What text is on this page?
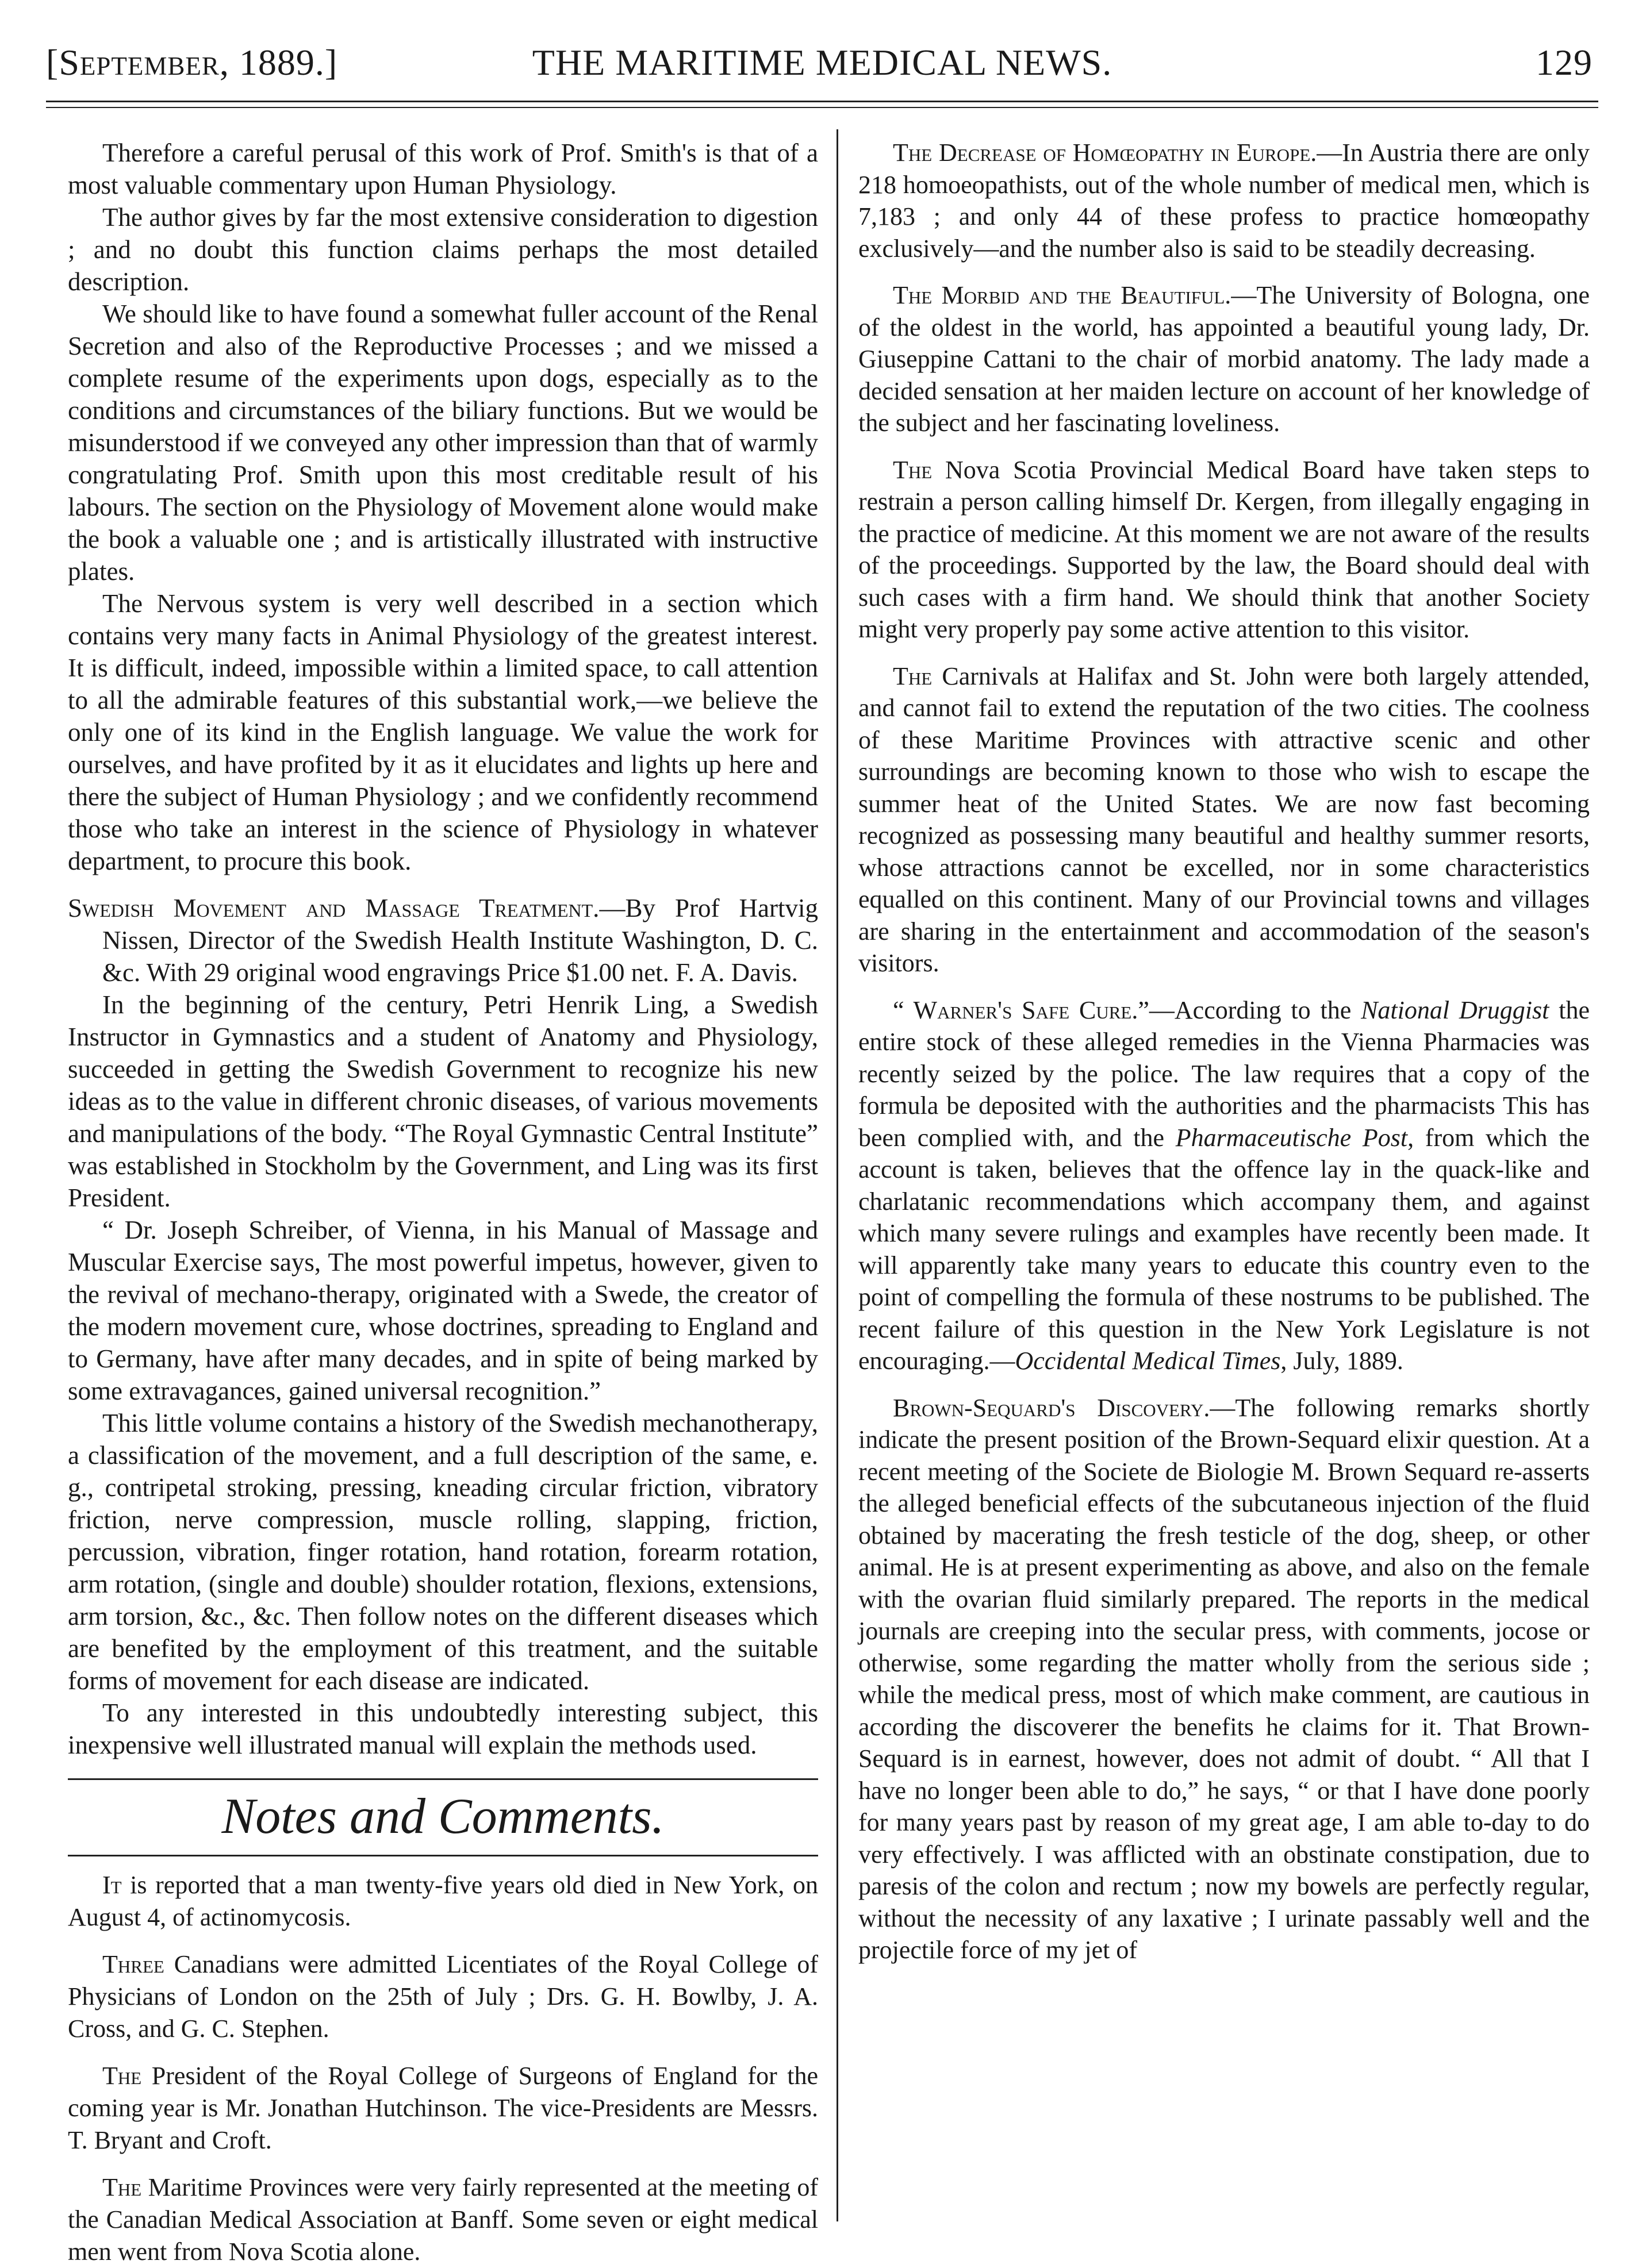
[September, 1889.]	THE MARITIME MEDICAL NEWS.	129

Therefore a careful perusal of this work of Prof. Smith's is that of a most valuable commentary upon Human Physiology.

The author gives by far the most extensive consideration to digestion ; and no doubt this function claims perhaps the most detailed description.

We should like to have found a somewhat fuller account of the Renal Secretion and also of the Reproductive Processes ; and we missed a complete resume of the experiments upon dogs, especially as to the conditions and circumstances of the biliary functions. But we would be misunderstood if we conveyed any other impression than that of warmly congratulating Prof. Smith upon this most creditable result of his labours. The section on the Physiology of Movement alone would make the book a valuable one ; and is artistically illustrated with instructive plates.

The Nervous system is very well described in a section which contains very many facts in Animal Physiology of the greatest interest. It is difficult, indeed, impossible within a limited space, to call attention to all the admirable features of this substantial work,—we believe the only one of its kind in the English language. We value the work for ourselves, and have profited by it as it elucidates and lights up here and there the subject of Human Physiology ; and we confidently recommend those who take an interest in the science of Physiology in whatever department, to procure this book.

Swedish Movement and Massage Treatment.—By Prof Hartvig Nissen, Director of the Swedish Health Institute Washington, D. C. &c. With 29 original wood engravings Price $1.00 net. F. A. Davis.

In the beginning of the century, Petri Henrik Ling, a Swedish Instructor in Gymnastics and a student of Anatomy and Physiology, succeeded in getting the Swedish Government to recognize his new ideas as to the value in different chronic diseases, of various movements and manipulations of the body. “The Royal Gymnastic Central Institute” was established in Stockholm by the Government, and Ling was its first President.

“ Dr. Joseph Schreiber, of Vienna, in his Manual of Massage and Muscular Exercise says, The most powerful impetus, however, given to the revival of mechano-therapy, originated with a Swede, the creator of the modern movement cure, whose doctrines, spreading to England and to Germany, have after many decades, and in spite of being marked by some extravagances, gained universal recognition.”

This little volume contains a history of the Swedish mechanotherapy, a classification of the movement, and a full description of the same, e. g., contripetal stroking, pressing, kneading circular friction, vibratory friction, nerve compression, muscle rolling, slapping, friction, percussion, vibration, finger rotation, hand rotation, forearm rotation, arm rotation, (single and double) shoulder rotation, flexions, extensions, arm torsion, &c., &c. Then follow notes on the different diseases which are benefited by the employment of this treatment, and the suitable forms of movement for each disease are indicated.

To any interested in this undoubtedly interesting subject, this inexpensive well illustrated manual will explain the methods used.

Notes and Comments.

It is reported that a man twenty-five years old died in New York, on August 4, of actinomycosis.

Three Canadians were admitted Licentiates of the Royal College of Physicians of London on the 25th of July ; Drs. G. H. Bowlby, J. A. Cross, and G. C. Stephen.

The President of the Royal College of Surgeons of England for the coming year is Mr. Jonathan Hutchinson. The vice-Presidents are Messrs. T. Bryant and Croft.

The Maritime Provinces were very fairly represented at the meeting of the Canadian Medical Association at Banff. Some seven or eight medical men went from Nova Scotia alone.

The Decrease of Homœopathy in Europe.—In Austria there are only 218 homoeopathists, out of the whole number of medical men, which is 7,183 ; and only 44 of these profess to practice homœopathy exclusively—and the number also is said to be steadily decreasing.

The Morbid and the Beautiful.—The University of Bologna, one of the oldest in the world, has appointed a beautiful young lady, Dr. Giuseppine Cattani to the chair of morbid anatomy. The lady made a decided sensation at her maiden lecture on account of her knowledge of the subject and her fascinating loveliness.

The Nova Scotia Provincial Medical Board have taken steps to restrain a person calling himself Dr. Kergen, from illegally engaging in the practice of medicine. At this moment we are not aware of the results of the proceedings. Supported by the law, the Board should deal with such cases with a firm hand. We should think that another Society might very properly pay some active attention to this visitor.

The Carnivals at Halifax and St. John were both largely attended, and cannot fail to extend the reputation of the two cities. The coolness of these Maritime Provinces with attractive scenic and other surroundings are becoming known to those who wish to escape the summer heat of the United States. We are now fast becoming recognized as possessing many beautiful and healthy summer resorts, whose attractions cannot be excelled, nor in some characteristics equalled on this continent. Many of our Provincial towns and villages are sharing in the entertainment and accommodation of the season's visitors.

“ Warner's Safe Cure.”—According to the National Druggist the entire stock of these alleged remedies in the Vienna Pharmacies was recently seized by the police. The law requires that a copy of the formula be deposited with the authorities and the pharmacists This has been complied with, and the Pharmaceutische Post, from which the account is taken, believes that the offence lay in the quack-like and charlatanic recommendations which accompany them, and against which many severe rulings and examples have recently been made. It will apparently take many years to educate this country even to the point of compelling the formula of these nostrums to be published. The recent failure of this question in the New York Legislature is not encouraging.—Occidental Medical Times, July, 1889.

Brown-Sequard's Discovery.—The following remarks shortly indicate the present position of the Brown-Sequard elixir question. At a recent meeting of the Societe de Biologie M. Brown Sequard re-asserts the alleged beneficial effects of the subcutaneous injection of the fluid obtained by macerating the fresh testicle of the dog, sheep, or other animal. He is at present experimenting as above, and also on the female with the ovarian fluid similarly prepared. The reports in the medical journals are creeping into the secular press, with comments, jocose or otherwise, some regarding the matter wholly from the serious side ; while the medical press, most of which make comment, are cautious in according the discoverer the benefits he claims for it. That Brown-Sequard is in earnest, however, does not admit of doubt. “ All that I have no longer been able to do,” he says, “ or that I have done poorly for many years past by reason of my great age, I am able to-day to do very effectively. I was afflicted with an obstinate constipation, due to paresis of the colon and rectum ; now my bowels are perfectly regular, without the necessity of any laxative ; I urinate passably well and the projectile force of my jet of
